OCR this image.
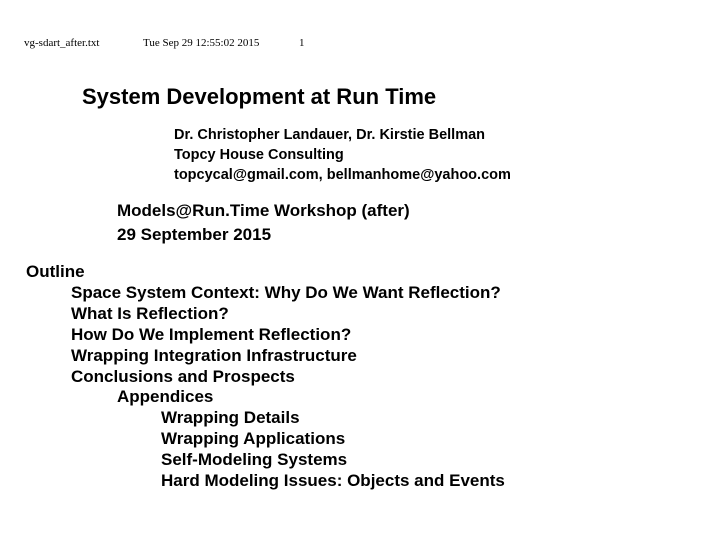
vg-sdart_after.txt	Tue Sep 29 12:55:02 2015	1
System Development at Run Time
Dr. Christopher Landauer, Dr. Kirstie Bellman
Topcy House Consulting
topcycal@gmail.com, bellmanhome@yahoo.com
Models@Run.Time Workshop (after)
29 September 2015
Outline
Space System Context: Why Do We Want Reflection?
What Is Reflection?
How Do We Implement Reflection?
Wrapping Integration Infrastructure
Conclusions and Prospects
Appendices
Wrapping Details
Wrapping Applications
Self-Modeling Systems
Hard Modeling Issues: Objects and Events
